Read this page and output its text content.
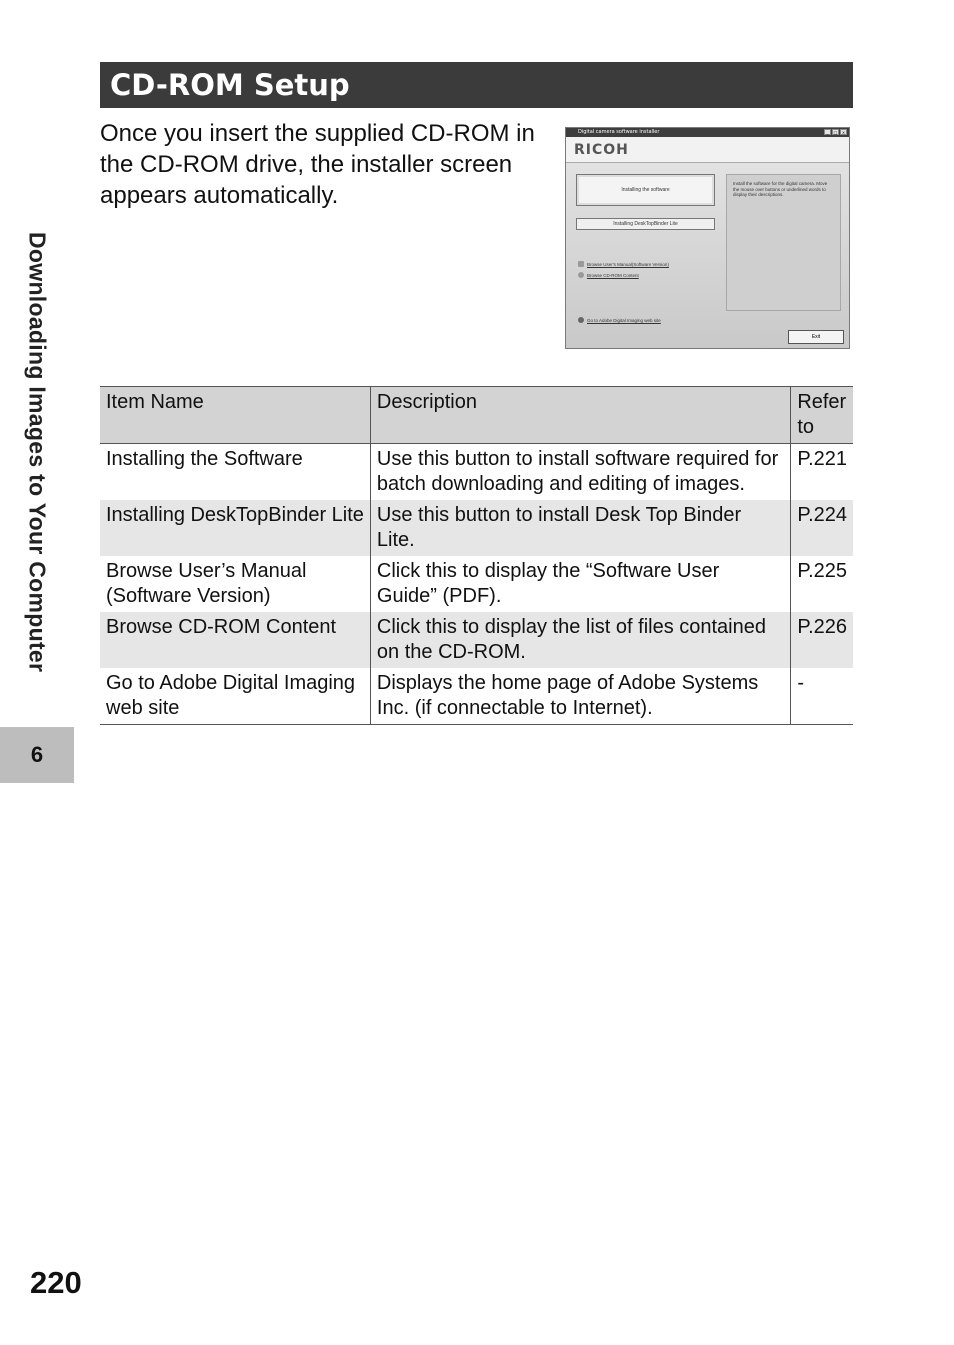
Downloading Images to Your Computer
6
CD-ROM Setup
Once you insert the supplied CD-ROM in the CD-ROM drive, the installer screen appears automatically.
Digital camera software installer	_	□	×
RICOH
Installing the software
Installing DeskTopBinder Lite
Browse User's Manual(Software Version)
Browse CD-ROM Content
Go to Adobe Digital Imaging web site
Install the software for the digital camera. Move the mouse over buttons or underlined words to display their descriptions.
Exit
Item Name	Description	Refer to
Installing the Software	Use this button to install software required for batch downloading and editing of images.	P.221
Installing DeskTopBinder Lite	Use this button to install Desk Top Binder Lite.	P.224
Browse User’s Manual (Software Version)	Click this to display the “Software User Guide” (PDF).	P.225
Browse CD-ROM Content	Click this to display the list of files contained on the CD-ROM.	P.226
Go to Adobe Digital Imaging web site	Displays the home page of Adobe Systems Inc. (if connectable to Internet).	-
220
